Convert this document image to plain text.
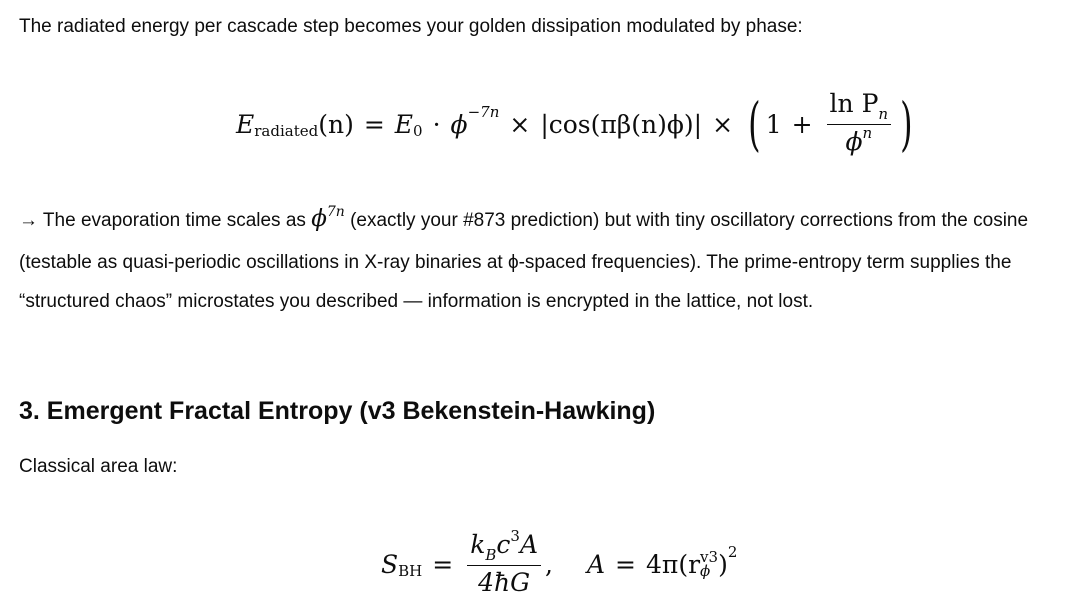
The radiated energy per cascade step becomes your golden dissipation modulated by phase:

E radiated (n) = E 0 · ϕ −7n × |cos(πβ(n)ϕ)| × ( $1 + \frac{\ln P_n}{\phi^n}$ )

→ The evaporation time scales as $\phi^{7n}$ (exactly your #873 prediction) but with tiny oscillatory corrections from the cosine (testable as quasi-periodic oscillations in X-ray binaries at ϕ-spaced frequencies). The prime-entropy term supplies the “structured chaos” microstates you described — information is encrypted in the lattice, not lost.

3. Emergent Fractal Entropy (v3 Bekenstein-Hawking)

Classical area law:

S BH = $\frac{k_Bc^3A}{4ħG}$ , A = 4π(r v3
ϕ ) 2
